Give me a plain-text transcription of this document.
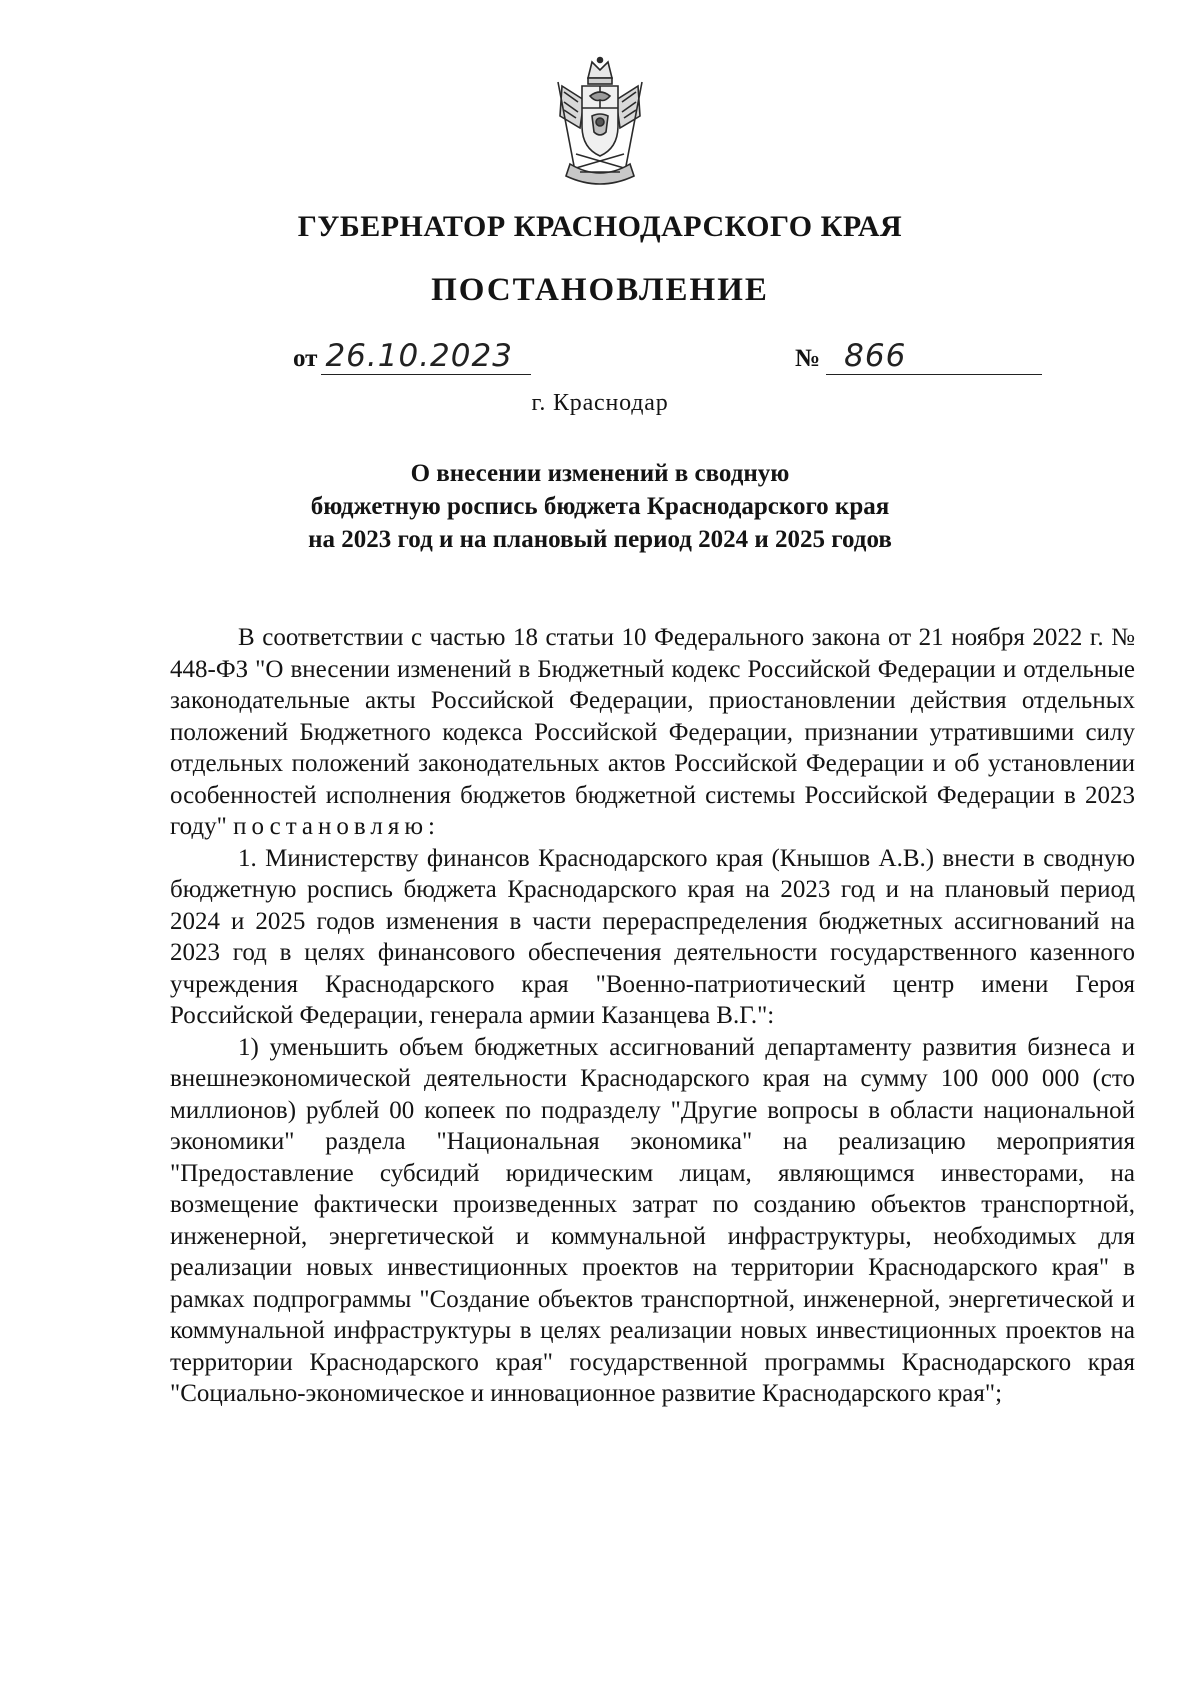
ГУБЕРНАТОР КРАСНОДАРСКОГО КРАЯ
ПОСТАНОВЛЕНИЕ
от 26.10.2023	№ 866
г. Краснодар
О внесении изменений в сводную
бюджетную роспись бюджета Краснодарского края
на 2023 год и на плановый период 2024 и 2025 годов

В соответствии с частью 18 статьи 10 Федерального закона от 21 ноября 2022 г. № 448-ФЗ "О внесении изменений в Бюджетный кодекс Российской Федерации и отдельные законодательные акты Российской Федерации, приостановлении действия отдельных положений Бюджетного кодекса Российской Федерации, признании утратившими силу отдельных положений законодательных актов Российской Федерации и об установлении особенностей исполнения бюджетов бюджетной системы Российской Федерации в 2023 году" постановляю:

1. Министерству финансов Краснодарского края (Кнышов А.В.) внести в сводную бюджетную роспись бюджета Краснодарского края на 2023 год и на плановый период 2024 и 2025 годов изменения в части перераспределения бюджетных ассигнований на 2023 год в целях финансового обеспечения деятельности государственного казенного учреждения Краснодарского края "Военно-патриотический центр имени Героя Российской Федерации, генерала армии Казанцева В.Г.":

1) уменьшить объем бюджетных ассигнований департаменту развития бизнеса и внешнеэкономической деятельности Краснодарского края на сумму 100 000 000 (сто миллионов) рублей 00 копеек по подразделу "Другие вопросы в области национальной экономики" раздела "Национальная экономика" на реализацию мероприятия "Предоставление субсидий юридическим лицам, являющимся инвесторами, на возмещение фактически произведенных затрат по созданию объектов транспортной, инженерной, энергетической и коммунальной инфраструктуры, необходимых для реализации новых инвестиционных проектов на территории Краснодарского края" в рамках подпрограммы "Создание объектов транспортной, инженерной, энергетической и коммунальной инфраструктуры в целях реализации новых инвестиционных проектов на территории Краснодарского края" государственной программы Краснодарского края "Социально-экономическое и инновационное развитие Краснодарского края";
